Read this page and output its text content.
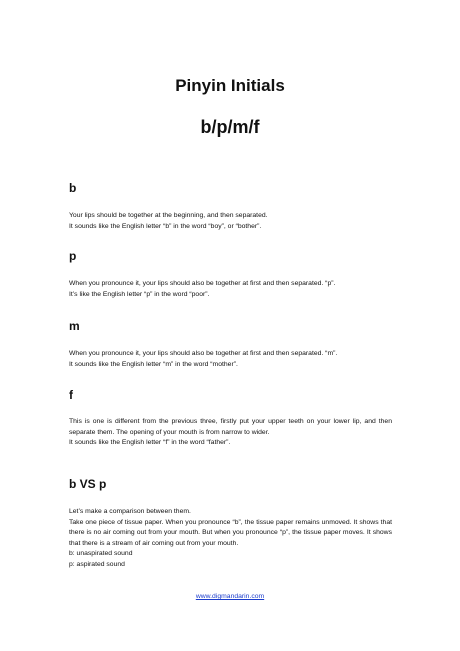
Pinyin Initials
b/p/m/f
b

Your lips should be together at the beginning, and then separated.
It sounds like the English letter “b” in the word “boy”, or “bother”.

p

When you pronounce it, your lips should also be together at first and then separated. “p”.
It’s like the English letter “p” in the word “poor”.

m

When you pronounce it, your lips should also be together at first and then separated. “m”.
It sounds like the English letter “m” in the word “mother”.

f

This is one is different from the previous three, firstly put your upper teeth on your lower lip, and then separate them. The opening of your mouth is from narrow to wider.
It sounds like the English letter “f” in the word “father”.

b VS p

Let’s make a comparison between them.
Take one piece of tissue paper. When you pronounce “b”, the tissue paper remains unmoved. It shows that there is no air coming out from your mouth. But when you pronounce “p”, the tissue paper moves. It shows that there is a stream of air coming out from your mouth.
b: unaspirated sound
p: aspirated sound

www.digmandarin.com
